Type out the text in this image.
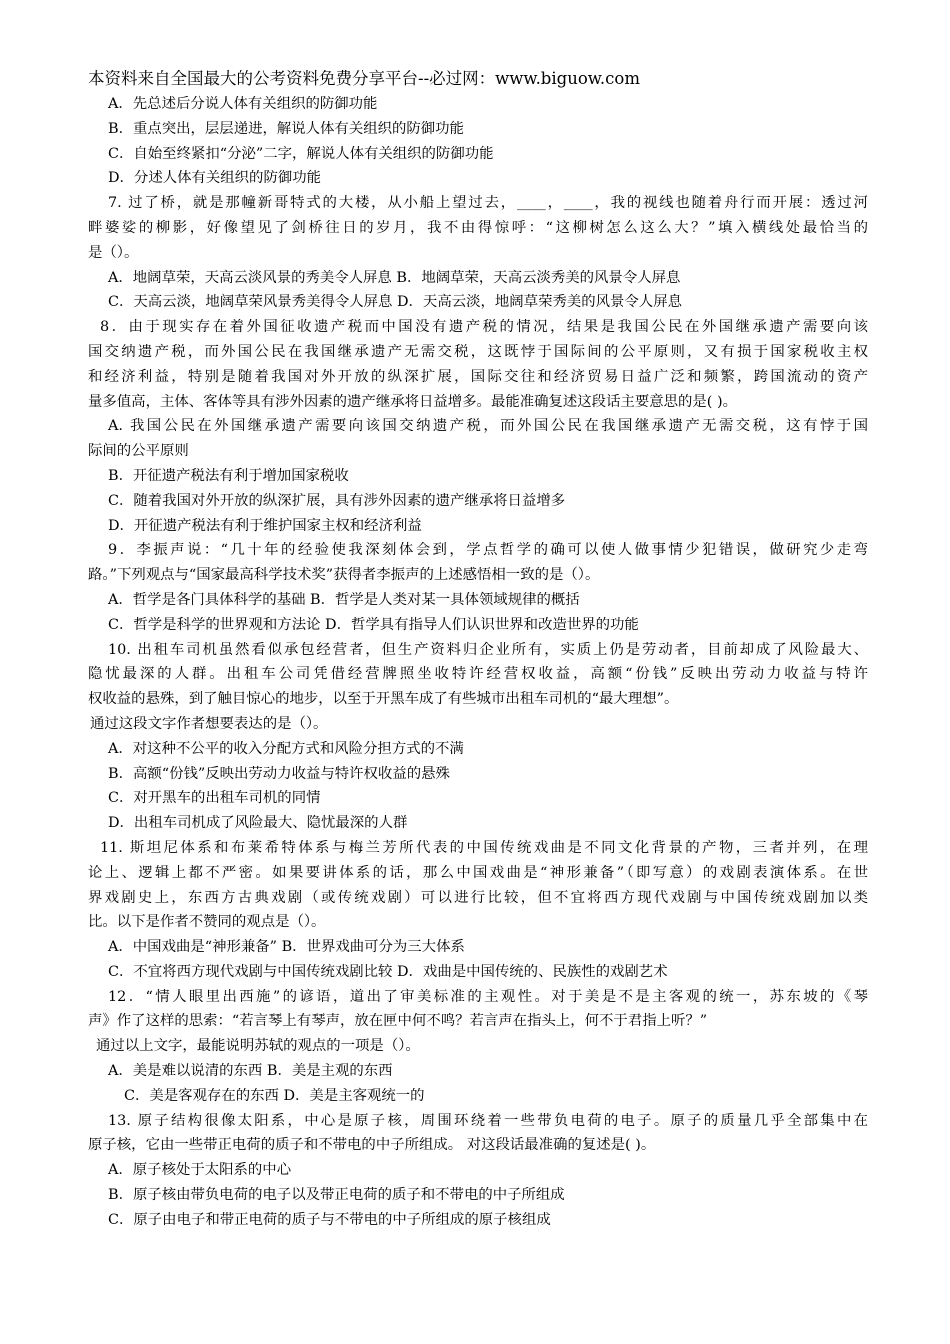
本资料来自全国最大的公考资料免费分享平台--必过网：www.biguow.com
A．先总述后分说人体有关组织的防御功能
B．重点突出，层层递进，解说人体有关组织的防御功能
C．自始至终紧扣“分泌”二字，解说人体有关组织的防御功能
D．分述人体有关组织的防御功能
7. 过了桥，就是那幢新哥特式的大楼，从小船上望过去，____，____，我的视线也随着舟行而开展：透过河
畔婆娑的柳影，好像望见了剑桥往日的岁月，我不由得惊呼：“这柳树怎么这么大？”填入横线处最恰当的
是（）。
A．地阔草荣，天高云淡风景的秀美令人屏息 B．地阔草荣，天高云淡秀美的风景令人屏息
C．天高云淡，地阔草荣风景秀美得令人屏息 D．天高云淡，地阔草荣秀美的风景令人屏息
8．由于现实存在着外国征收遗产税而中国没有遗产税的情况，结果是我国公民在外国继承遗产需要向该
国交纳遗产税，而外国公民在我国继承遗产无需交税，这既悖于国际间的公平原则，又有损于国家税收主权
和经济利益，特别是随着我国对外开放的纵深扩展，国际交往和经济贸易日益广泛和频繁，跨国流动的资产
量多值高，主体、客体等具有涉外因素的遗产继承将日益增多。最能准确复述这段话主要意思的是( )。
A. 我国公民在外国继承遗产需要向该国交纳遗产税，而外国公民在我国继承遗产无需交税，这有悖于国
际间的公平原则
B．开征遗产税法有利于增加国家税收
C．随着我国对外开放的纵深扩展，具有涉外因素的遗产继承将日益增多
D．开征遗产税法有利于维护国家主权和经济利益
9．李振声说：“几十年的经验使我深刻体会到，学点哲学的确可以使人做事情少犯错误，做研究少走弯
路。”下列观点与“国家最高科学技术奖”获得者李振声的上述感悟相一致的是（）。
A．哲学是各门具体科学的基础 B．哲学是人类对某一具体领域规律的概括
C．哲学是科学的世界观和方法论 D．哲学具有指导人们认识世界和改造世界的功能
10. 出租车司机虽然看似承包经营者，但生产资料归企业所有，实质上仍是劳动者，目前却成了风险最大、
隐忧最深的人群。出租车公司凭借经营牌照坐收特许经营权收益，高额“份钱”反映出劳动力收益与特许
权收益的悬殊，到了触目惊心的地步，以至于开黑车成了有些城市出租车司机的“最大理想”。
通过这段文字作者想要表达的是（）。
A．对这种不公平的收入分配方式和风险分担方式的不满
B．高额“份钱”反映出劳动力收益与特许权收益的悬殊
C．对开黑车的出租车司机的同情
D．出租车司机成了风险最大、隐忧最深的人群
11. 斯坦尼体系和布莱希特体系与梅兰芳所代表的中国传统戏曲是不同文化背景的产物，三者并列，在理
论上、逻辑上都不严密。如果要讲体系的话，那么中国戏曲是“神形兼备”（即写意）的戏剧表演体系。在世
界戏剧史上，东西方古典戏剧（或传统戏剧）可以进行比较，但不宜将西方现代戏剧与中国传统戏剧加以类
比。以下是作者不赞同的观点是（）。
A．中国戏曲是“神形兼备” B．世界戏曲可分为三大体系
C．不宜将西方现代戏剧与中国传统戏剧比较 D．戏曲是中国传统的、民族性的戏剧艺术
12．“情人眼里出西施”的谚语，道出了审美标准的主观性。对于美是不是主客观的统一，苏东坡的《琴
声》作了这样的思索：“若言琴上有琴声，放在匣中何不鸣？若言声在指头上，何不于君指上听？”
通过以上文字，最能说明苏轼的观点的一项是（）。
A．美是难以说清的东西 B．美是主观的东西
C．美是客观存在的东西 D．美是主客观统一的
13. 原子结构很像太阳系，中心是原子核，周围环绕着一些带负电荷的电子。原子的质量几乎全部集中在
原子核，它由一些带正电荷的质子和不带电的中子所组成。 对这段话最准确的复述是( )。
A．原子核处于太阳系的中心
B．原子核由带负电荷的电子以及带正电荷的质子和不带电的中子所组成
C．原子由电子和带正电荷的质子与不带电的中子所组成的原子核组成
